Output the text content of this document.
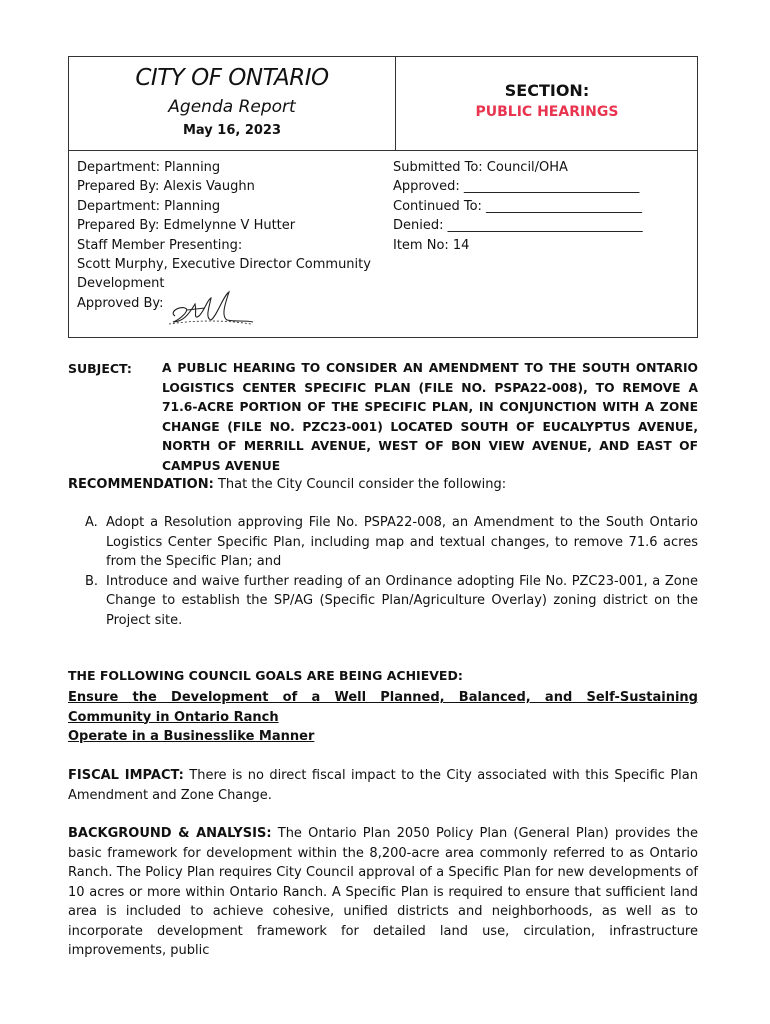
CITY OF ONTARIO
Agenda Report
May 16, 2023
SECTION:
PUBLIC HEARINGS
Department: Planning
Prepared By: Alexis Vaughn
Department: Planning
Prepared By: Edmelynne V Hutter
Staff Member Presenting:
Scott Murphy, Executive Director Community
Development
Approved By:
Submitted To: Council/OHA
Approved: ___________________________
Continued To: ________________________
Denied: ______________________________
Item No: 14
SUBJECT: A PUBLIC HEARING TO CONSIDER AN AMENDMENT TO THE SOUTH ONTARIO LOGISTICS CENTER SPECIFIC PLAN (FILE NO. PSPA22-008), TO REMOVE A 71.6-ACRE PORTION OF THE SPECIFIC PLAN, IN CONJUNCTION WITH A ZONE CHANGE (FILE NO. PZC23-001) LOCATED SOUTH OF EUCALYPTUS AVENUE, NORTH OF MERRILL AVENUE, WEST OF BON VIEW AVENUE, AND EAST OF CAMPUS AVENUE
RECOMMENDATION: That the City Council consider the following:
A. Adopt a Resolution approving File No. PSPA22-008, an Amendment to the South Ontario Logistics Center Specific Plan, including map and textual changes, to remove 71.6 acres from the Specific Plan; and
B. Introduce and waive further reading of an Ordinance adopting File No. PZC23-001, a Zone Change to establish the SP/AG (Specific Plan/Agriculture Overlay) zoning district on the Project site.
THE FOLLOWING COUNCIL GOALS ARE BEING ACHIEVED:
Ensure the Development of a Well Planned, Balanced, and Self-Sustaining Community in Ontario Ranch
Operate in a Businesslike Manner
FISCAL IMPACT: There is no direct fiscal impact to the City associated with this Specific Plan Amendment and Zone Change.
BACKGROUND & ANALYSIS: The Ontario Plan 2050 Policy Plan (General Plan) provides the basic framework for development within the 8,200-acre area commonly referred to as Ontario Ranch. The Policy Plan requires City Council approval of a Specific Plan for new developments of 10 acres or more within Ontario Ranch. A Specific Plan is required to ensure that sufficient land area is included to achieve cohesive, unified districts and neighborhoods, as well as to incorporate development framework for detailed land use, circulation, infrastructure improvements, public
